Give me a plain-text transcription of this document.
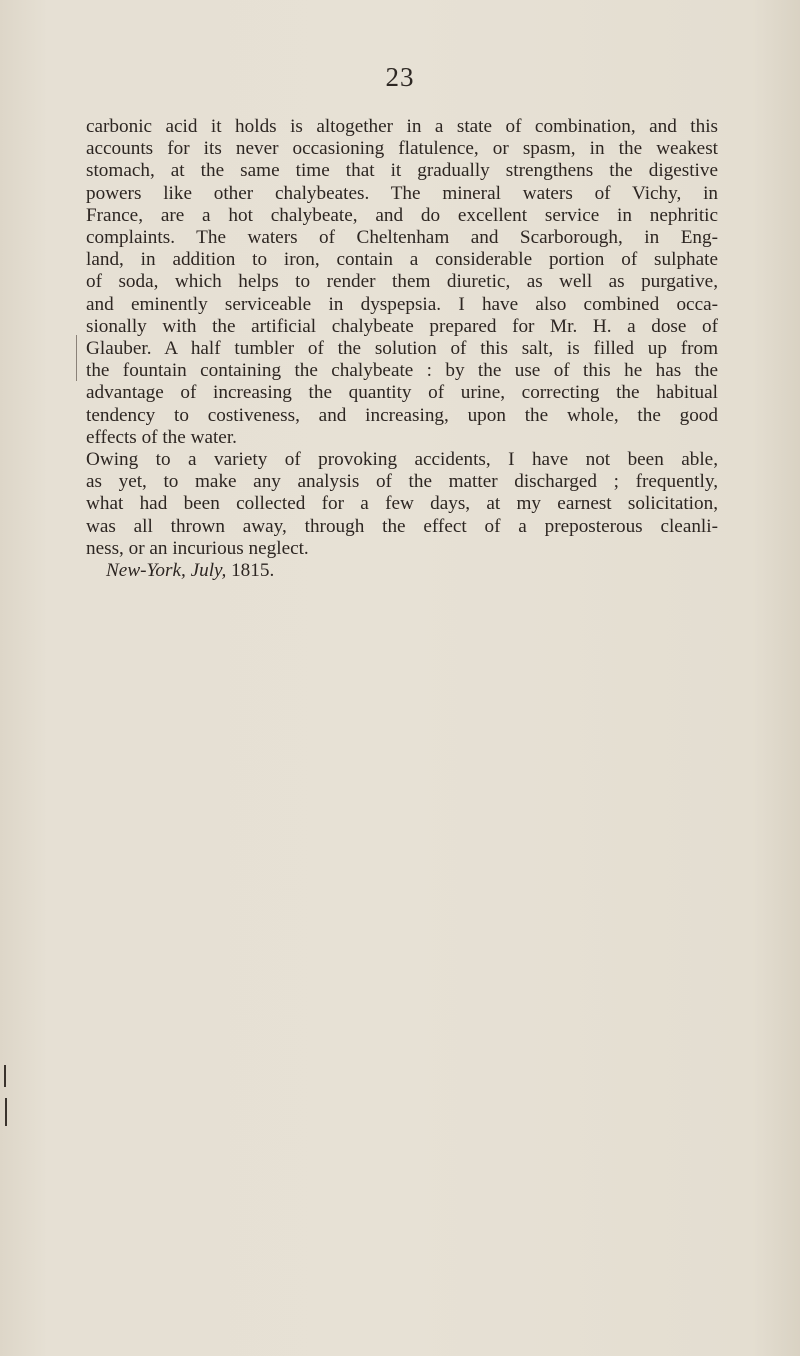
23
carbonic acid it holds is altogether in a state of combination, and this
accounts for its never occasioning flatulence, or spasm, in the weakest
stomach, at the same time that it gradually strengthens the digestive
powers like other chalybeates. The mineral waters of Vichy, in
France, are a hot chalybeate, and do excellent service in nephritic
complaints. The waters of Cheltenham and Scarborough, in Eng-
land, in addition to iron, contain a considerable portion of sulphate
of soda, which helps to render them diuretic, as well as purgative,
and eminently serviceable in dyspepsia. I have also combined occa-
sionally with the artificial chalybeate prepared for Mr. H. a dose of
Glauber. A half tumbler of the solution of this salt, is filled up from
the fountain containing the chalybeate : by the use of this he has the
advantage of increasing the quantity of urine, correcting the habitual
tendency to costiveness, and increasing, upon the whole, the good
effects of the water.
Owing to a variety of provoking accidents, I have not been able,
as yet, to make any analysis of the matter discharged ; frequently,
what had been collected for a few days, at my earnest solicitation,
was all thrown away, through the effect of a preposterous cleanli-
ness, or an incurious neglect.
New-York, July, 1815.
